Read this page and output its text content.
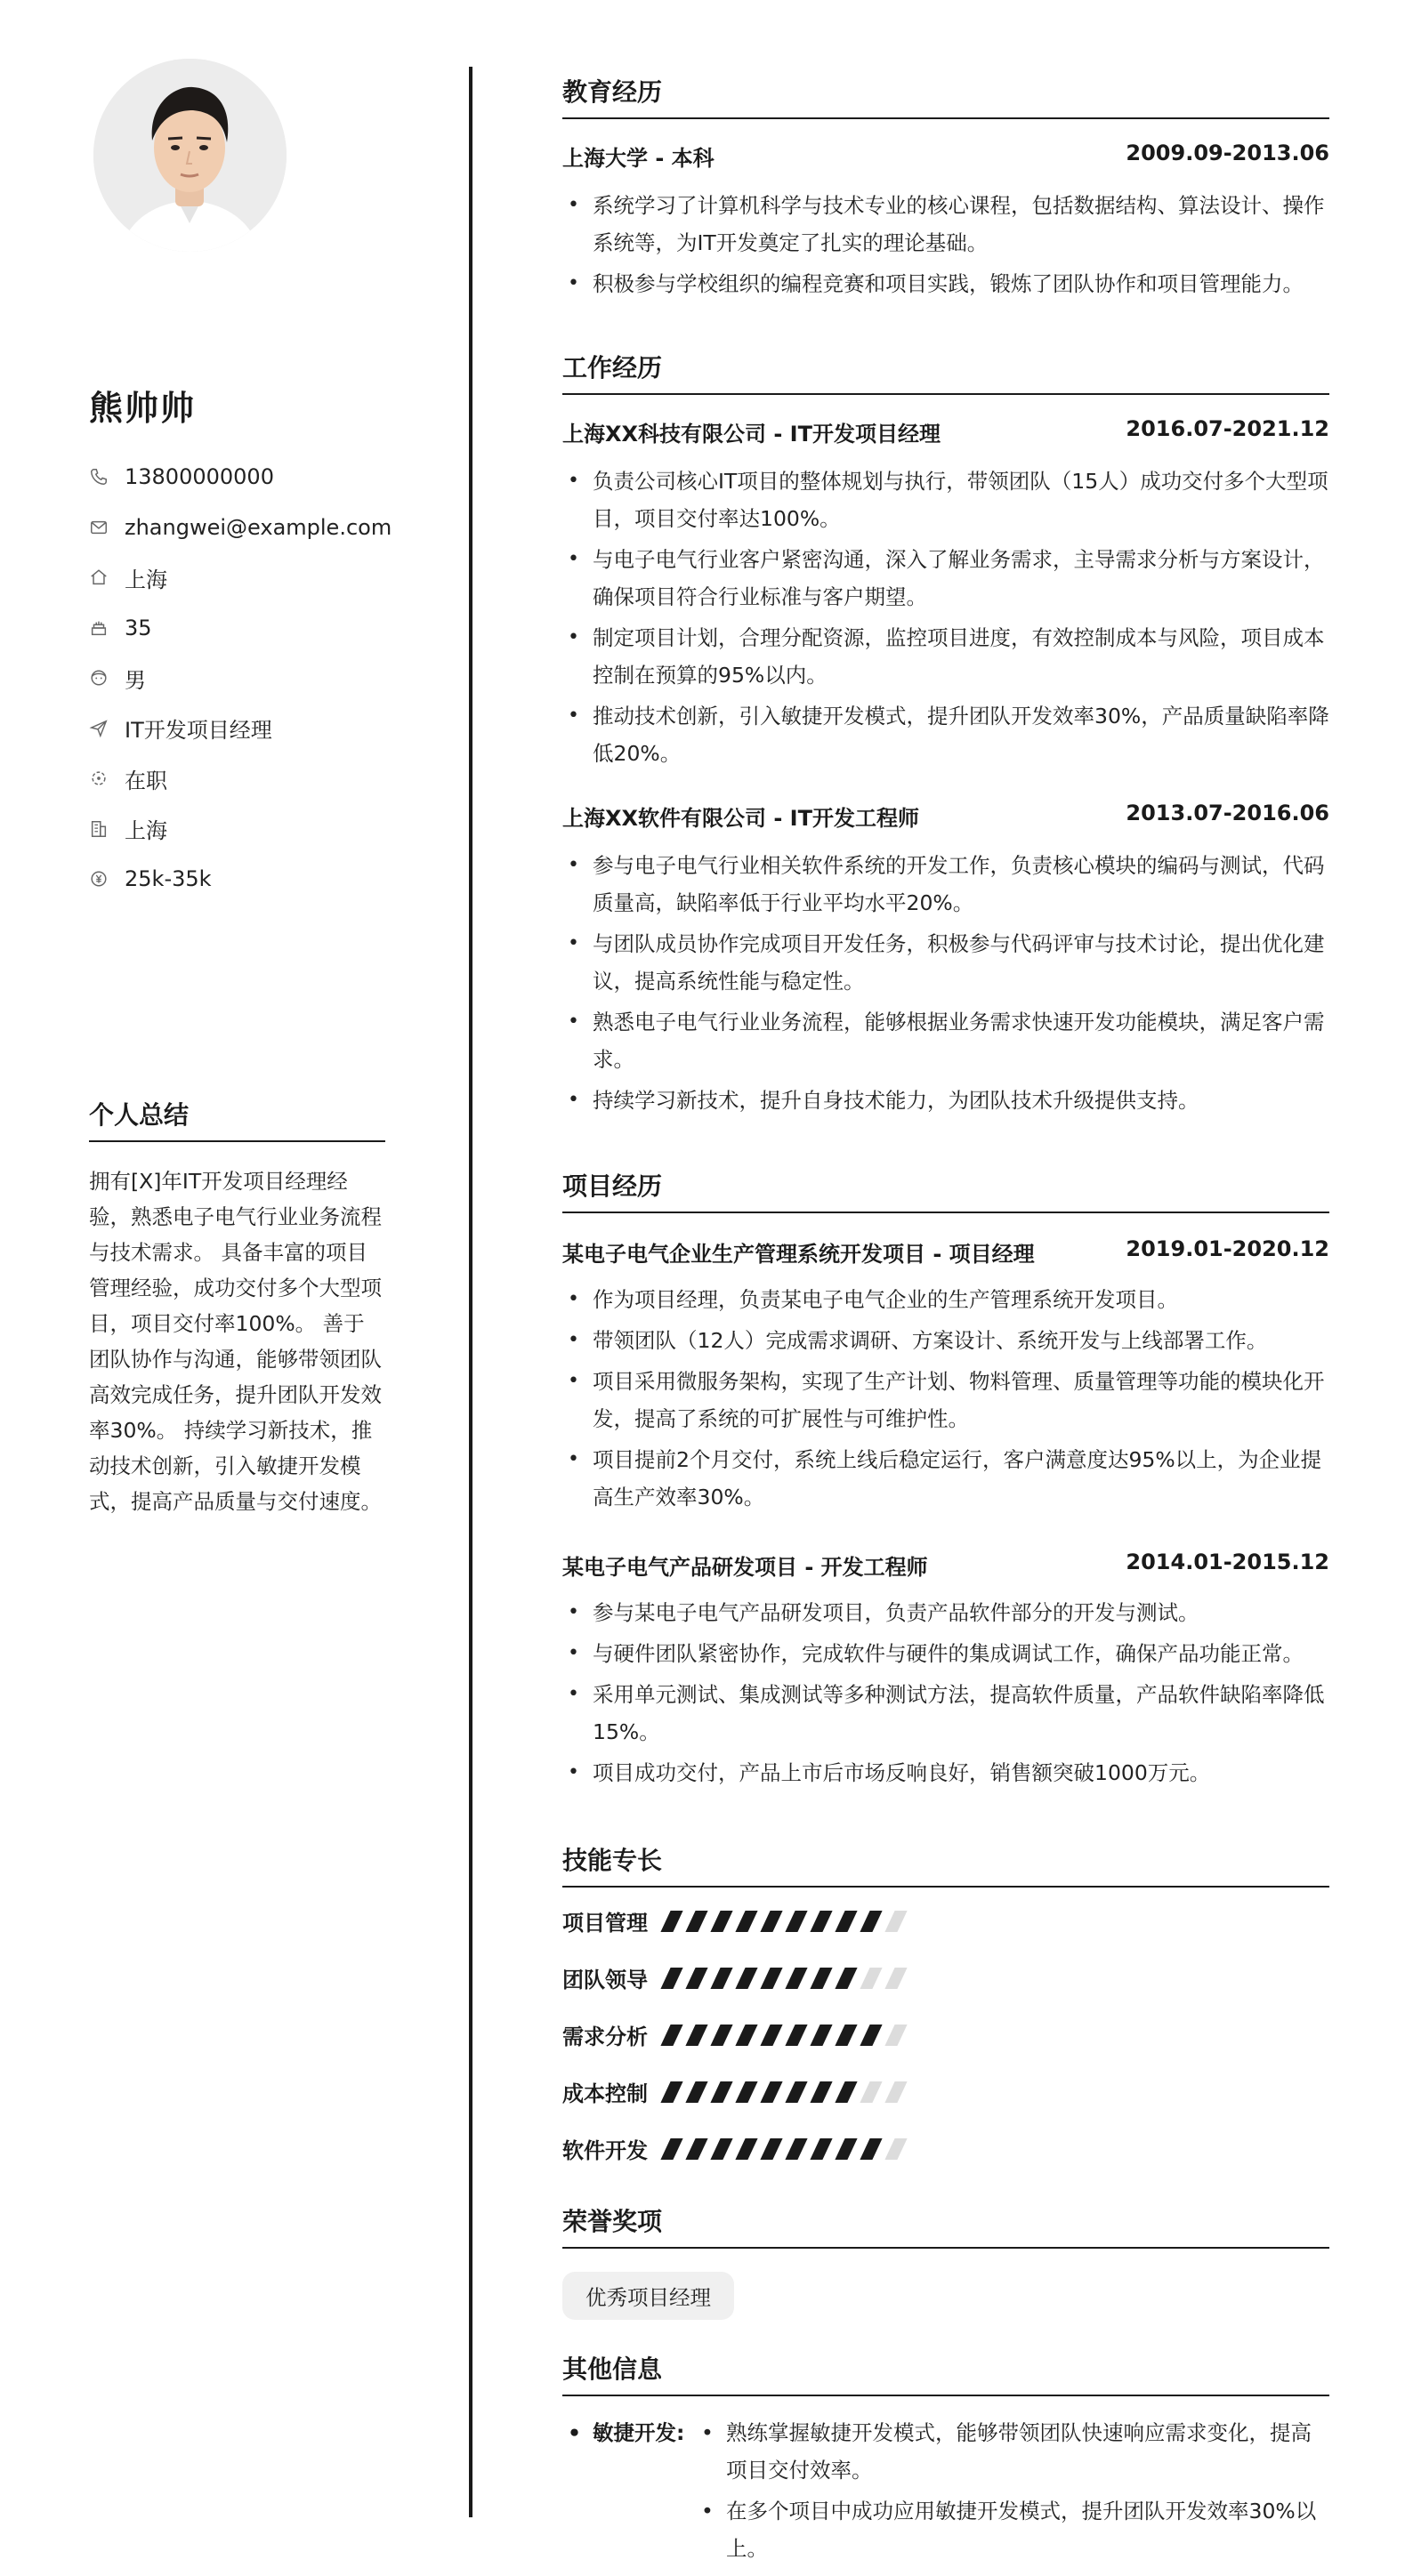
熊帅帅
13800000000
zhangwei@example.com
上海
35
男
IT开发项目经理
在职
上海
25k-35k
个人总结
拥有[X]年IT开发项目经理经验，熟悉电子电气行业业务流程与技术需求。 具备丰富的项目管理经验，成功交付多个大型项目，项目交付率100%。 善于团队协作与沟通，能够带领团队高效完成任务，提升团队开发效率30%。 持续学习新技术，推动技术创新，引入敏捷开发模式，提高产品质量与交付速度。
教育经历
上海大学 - 本科	2009.09-2013.06
• 系统学习了计算机科学与技术专业的核心课程，包括数据结构、算法设计、操作系统等，为IT开发奠定了扎实的理论基础。
• 积极参与学校组织的编程竞赛和项目实践，锻炼了团队协作和项目管理能力。
工作经历
上海XX科技有限公司 - IT开发项目经理	2016.07-2021.12
• 负责公司核心IT项目的整体规划与执行，带领团队（15人）成功交付多个大型项目，项目交付率达100%。
• 与电子电气行业客户紧密沟通，深入了解业务需求，主导需求分析与方案设计，确保项目符合行业标准与客户期望。
• 制定项目计划，合理分配资源，监控项目进度，有效控制成本与风险，项目成本控制在预算的95%以内。
• 推动技术创新，引入敏捷开发模式，提升团队开发效率30%，产品质量缺陷率降低20%。
上海XX软件有限公司 - IT开发工程师	2013.07-2016.06
• 参与电子电气行业相关软件系统的开发工作，负责核心模块的编码与测试，代码质量高，缺陷率低于行业平均水平20%。
• 与团队成员协作完成项目开发任务，积极参与代码评审与技术讨论，提出优化建议，提高系统性能与稳定性。
• 熟悉电子电气行业业务流程，能够根据业务需求快速开发功能模块，满足客户需求。
• 持续学习新技术，提升自身技术能力，为团队技术升级提供支持。
项目经历
某电子电气企业生产管理系统开发项目 - 项目经理	2019.01-2020.12
• 作为项目经理，负责某电子电气企业的生产管理系统开发项目。
• 带领团队（12人）完成需求调研、方案设计、系统开发与上线部署工作。
• 项目采用微服务架构，实现了生产计划、物料管理、质量管理等功能的模块化开发，提高了系统的可扩展性与可维护性。
• 项目提前2个月交付，系统上线后稳定运行，客户满意度达95%以上，为企业提高生产效率30%。
某电子电气产品研发项目 - 开发工程师	2014.01-2015.12
• 参与某电子电气产品研发项目，负责产品软件部分的开发与测试。
• 与硬件团队紧密协作，完成软件与硬件的集成调试工作，确保产品功能正常。
• 采用单元测试、集成测试等多种测试方法，提高软件质量，产品软件缺陷率降低15%。
• 项目成功交付，产品上市后市场反响良好，销售额突破1000万元。
技能专长
项目管理
团队领导
需求分析
成本控制
软件开发
荣誉奖项
优秀项目经理
其他信息
• 敏捷开发:
•	熟练掌握敏捷开发模式，能够带领团队快速响应需求变化，提高项目交付效率。
• 在多个项目中成功应用敏捷开发模式，提升团队开发效率30%以上。
